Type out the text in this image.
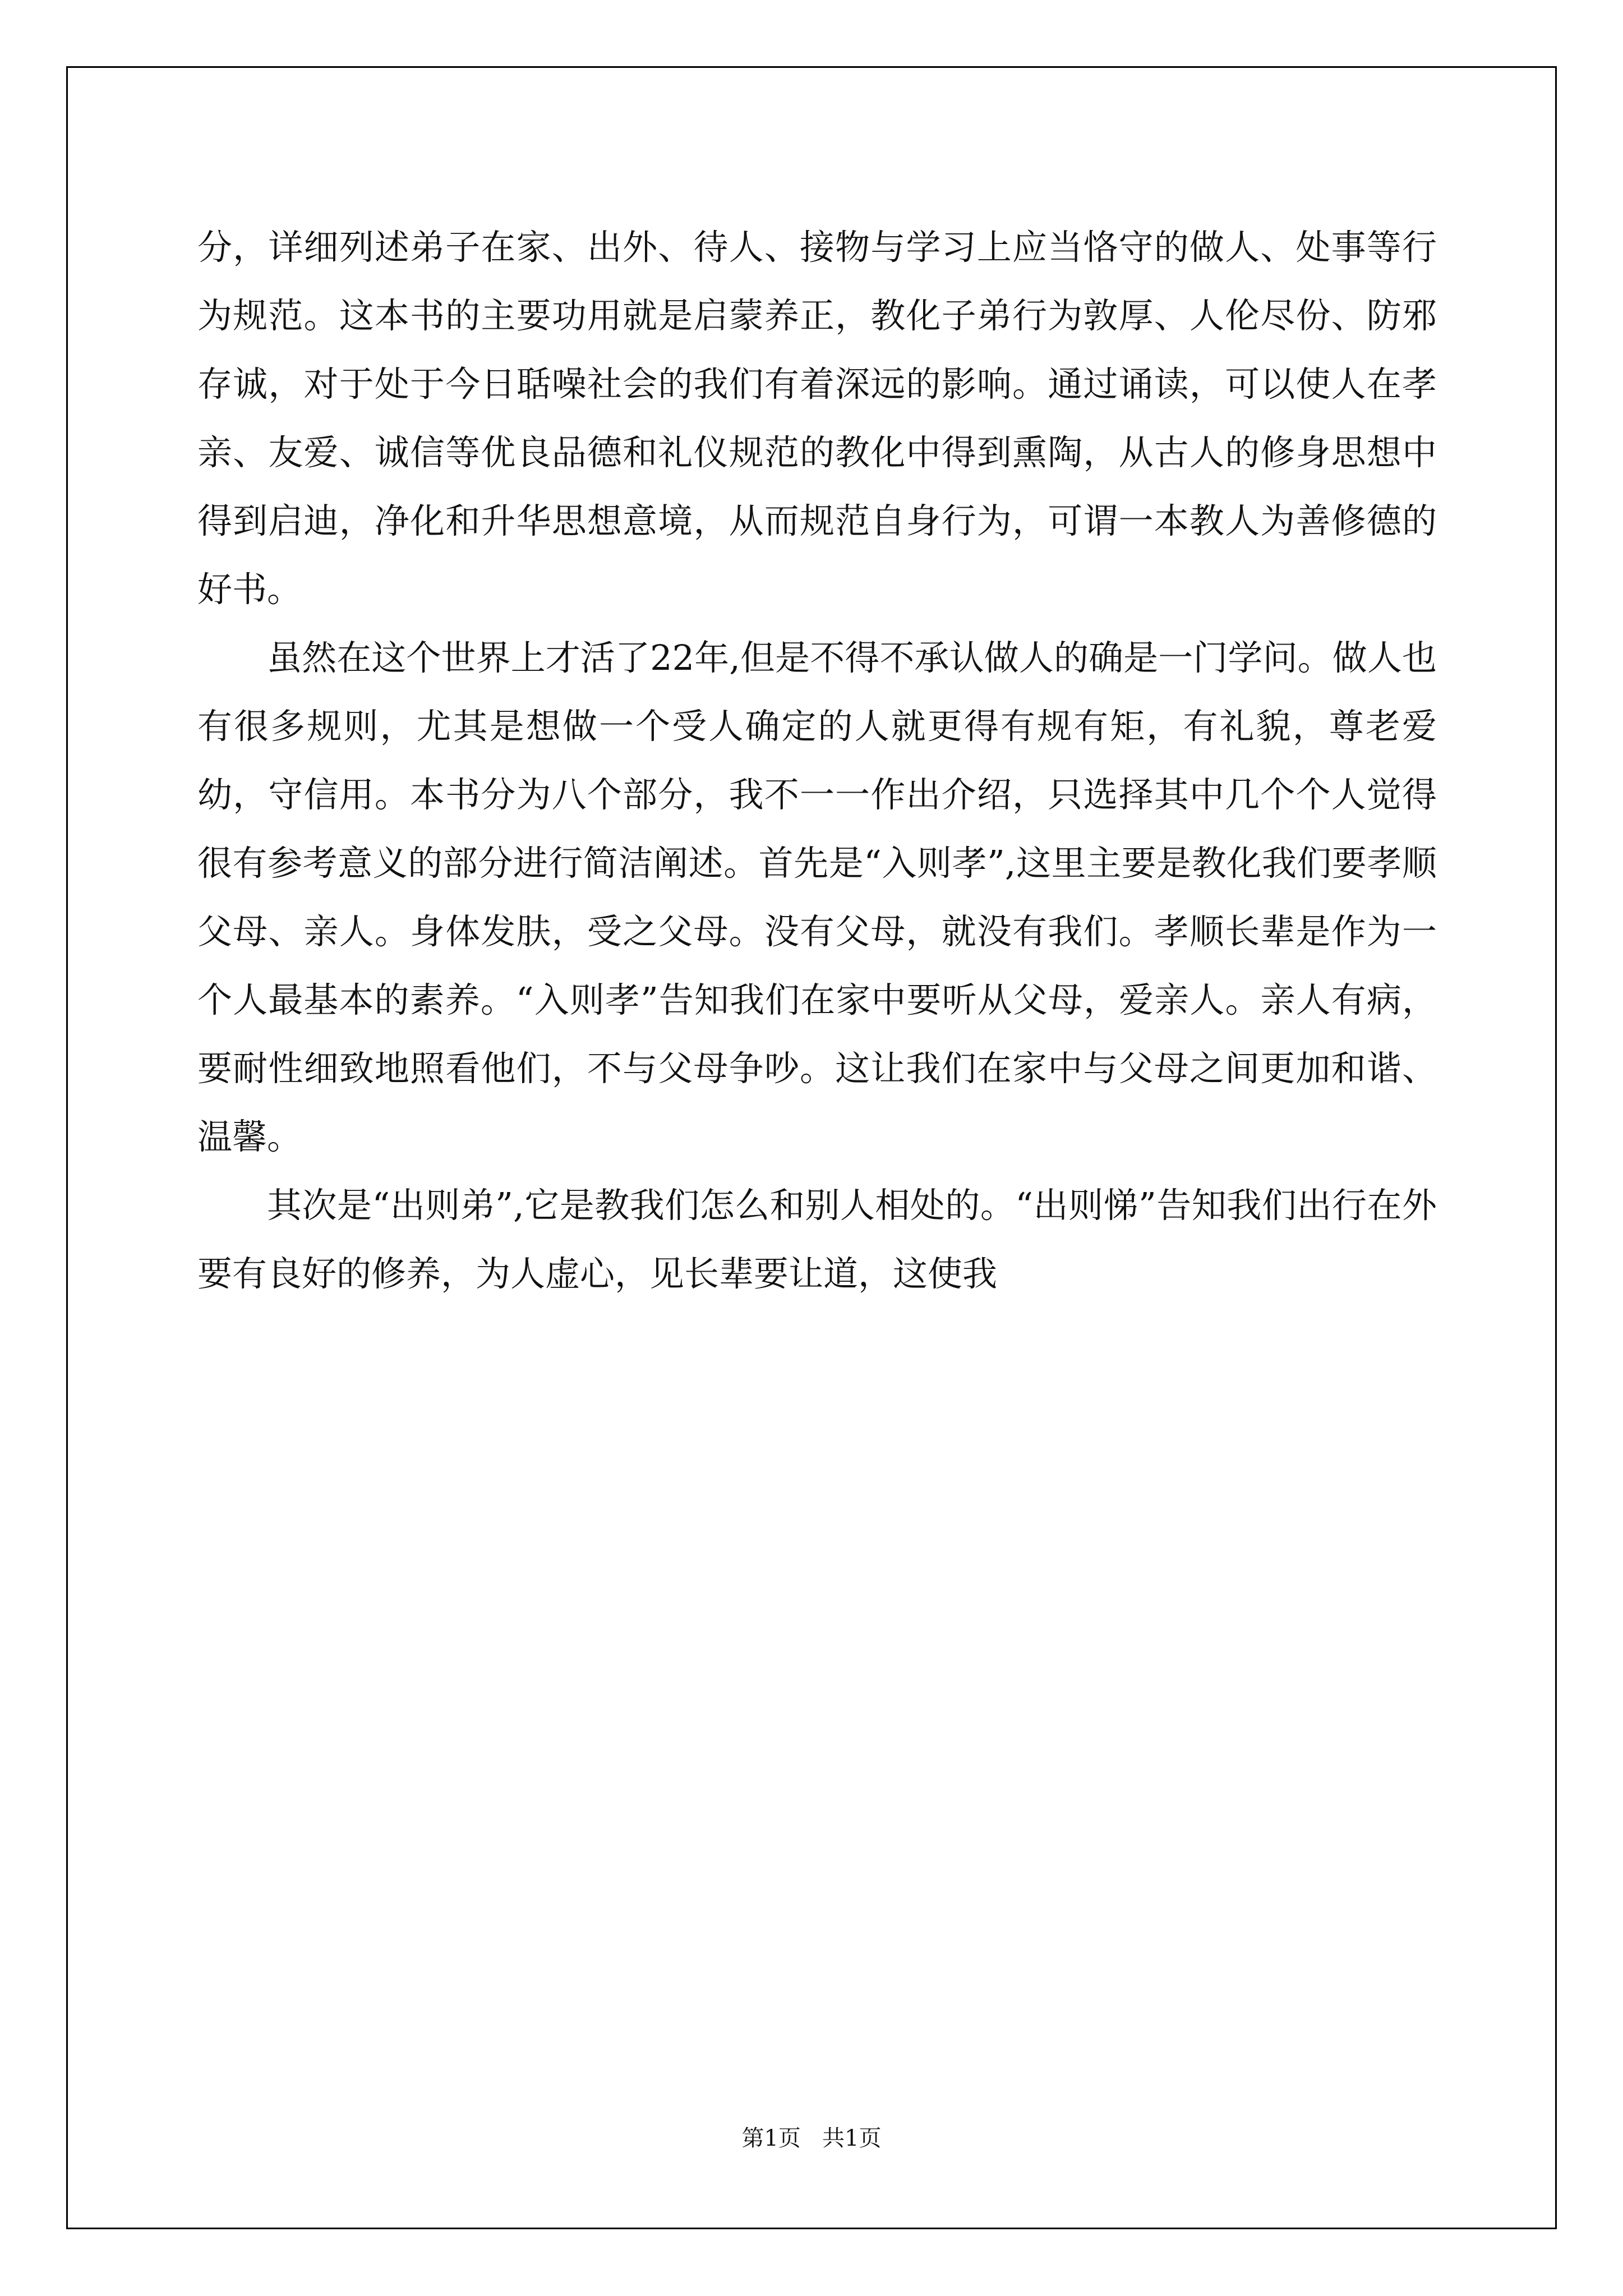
分，详细列述弟子在家、出外、待人、接物与学习上应当恪守的做人、处事等行为规范。这本书的主要功用就是启蒙养正，教化子弟行为敦厚、人伦尽份、防邪存诚，对于处于今日聒噪社会的我们有着深远的影响。通过诵读，可以使人在孝亲、友爱、诚信等优良品德和礼仪规范的教化中得到熏陶，从古人的修身思想中得到启迪，净化和升华思想意境，从而规范自身行为，可谓一本教人为善修德的好书。

虽然在这个世界上才活了22年,但是不得不承认做人的确是一门学问。做人也有很多规则，尤其是想做一个受人确定的人就更得有规有矩，有礼貌，尊老爱幼，守信用。本书分为八个部分，我不一一作出介绍，只选择其中几个个人觉得很有参考意义的部分进行简洁阐述。首先是“入则孝”,这里主要是教化我们要孝顺父母、亲人。身体发肤，受之父母。没有父母，就没有我们。孝顺长辈是作为一个人最基本的素养。“入则孝”告知我们在家中要听从父母，爱亲人。亲人有病，要耐性细致地照看他们，不与父母争吵。这让我们在家中与父母之间更加和谐、温馨。

其次是“出则弟”,它是教我们怎么和别人相处的。“出则悌”告知我们出行在外要有良好的修养，为人虚心，见长辈要让道，这使我

第1页   共1页
